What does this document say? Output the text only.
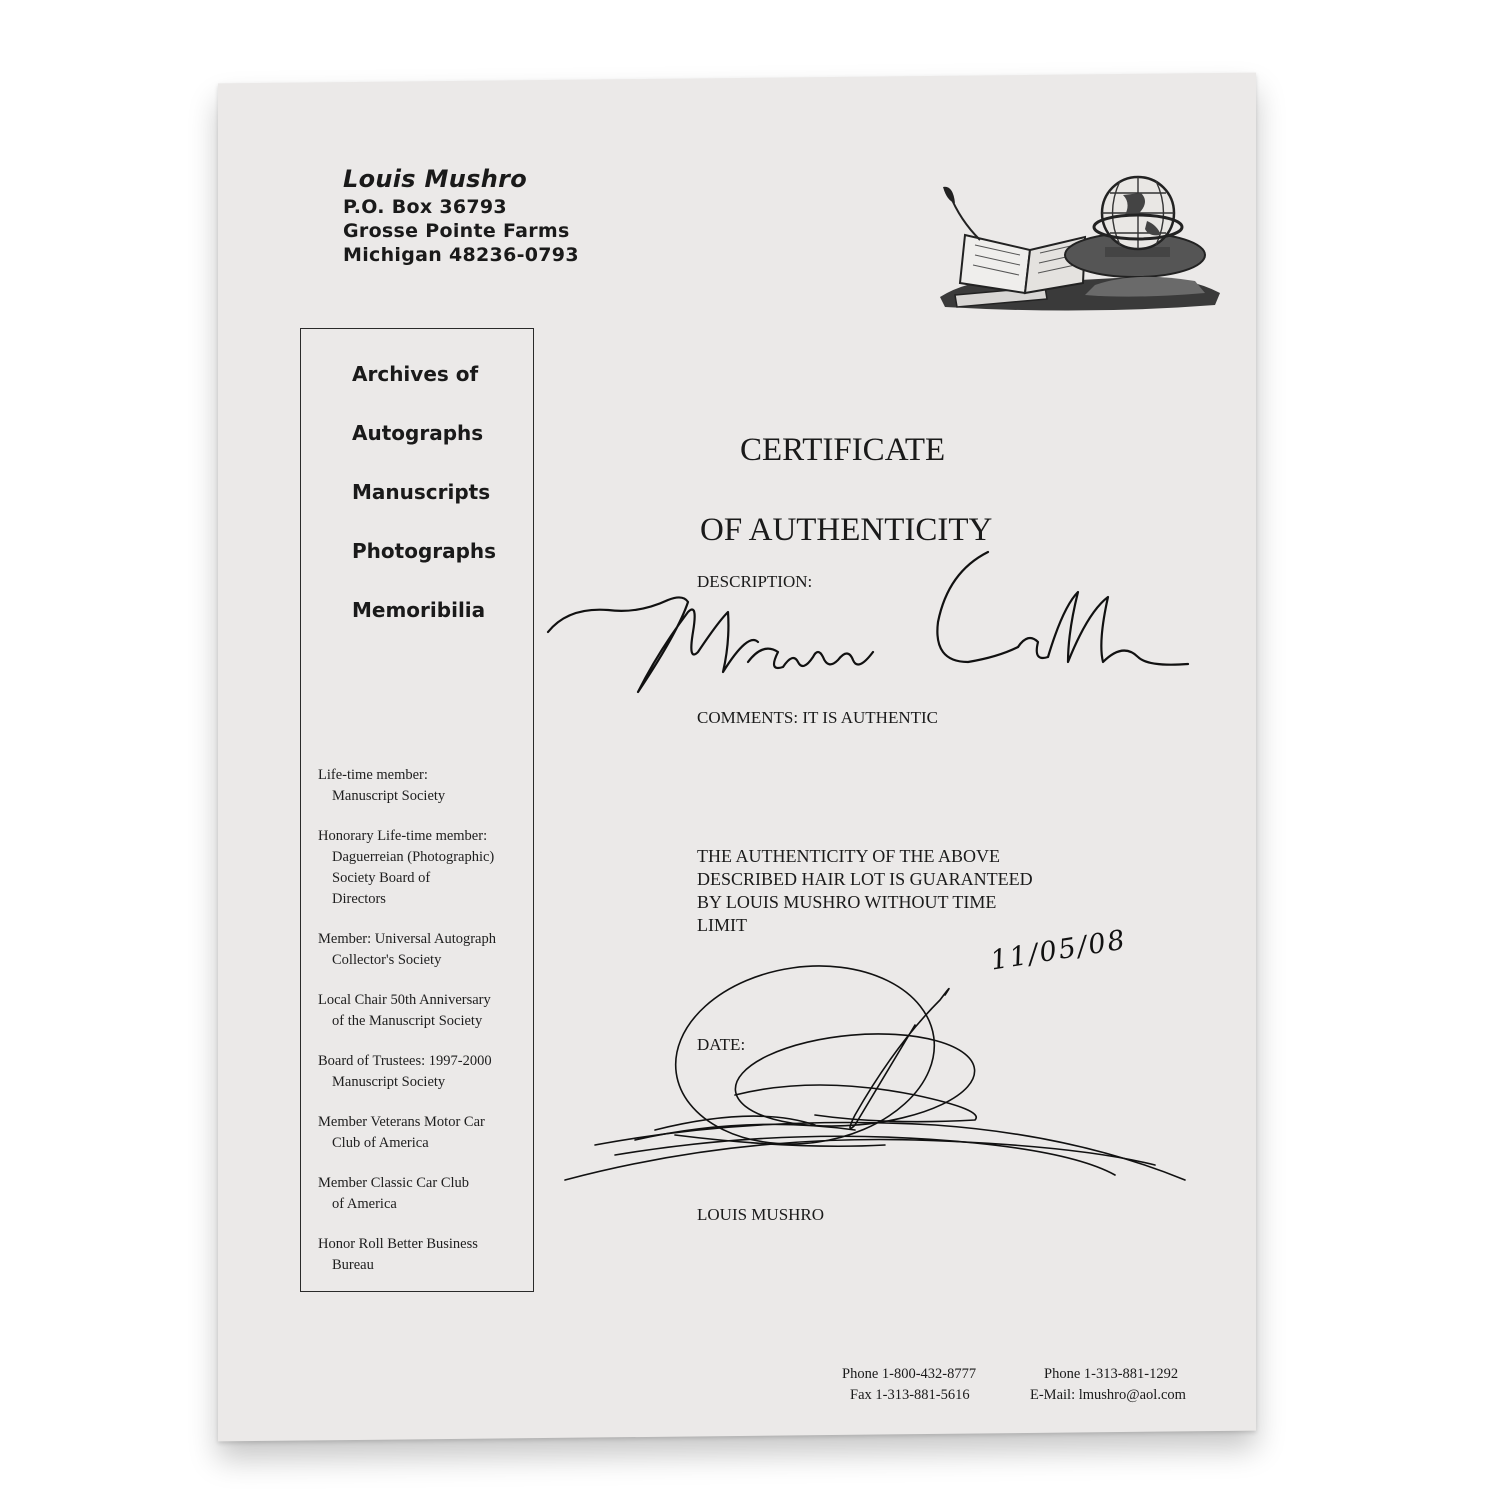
Louis Mushro
P.O. Box 36793
Grosse Pointe Farms
Michigan 48236-0793
Archives of
Autographs
Manuscripts
Photographs
Memoribilia
Life-time member:
Manuscript Society
Honorary Life-time member:
Daguerreian (Photographic)
Society Board of
Directors
Member: Universal Autograph
Collector's Society
Local Chair 50th Anniversary
of the Manuscript Society
Board of Trustees: 1997-2000
Manuscript Society
Member Veterans Motor Car
Club of America
Member Classic Car Club
of America
Honor Roll Better Business
Bureau
CERTIFICATE
OF AUTHENTICITY
DESCRIPTION:
COMMENTS: IT IS AUTHENTIC
THE AUTHENTICITY OF THE ABOVE
DESCRIBED HAIR LOT IS GUARANTEED
BY LOUIS MUSHRO WITHOUT TIME
LIMIT	11/05/08
DATE:
LOUIS MUSHRO
Phone 1-800-432-8777
Fax 1-313-881-5616
Phone 1-313-881-1292
E-Mail: lmushro@aol.com
